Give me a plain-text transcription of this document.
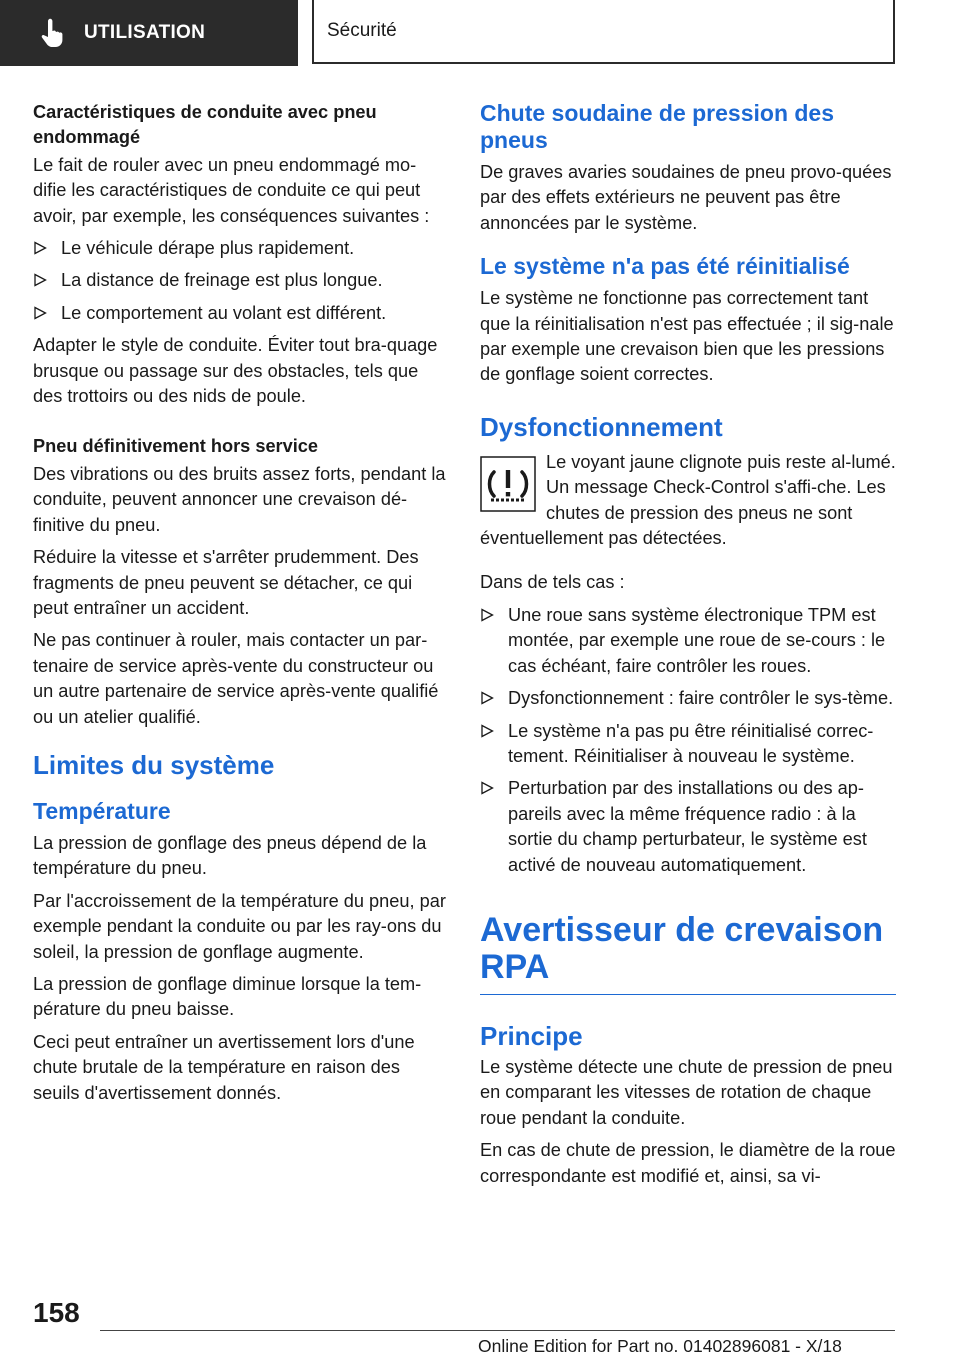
UTILISATION	Sécurité
Caractéristiques de conduite avec pneu endommagé

Le fait de rouler avec un pneu endommagé mo-difie les caractéristiques de conduite ce qui peut avoir, par exemple, les conséquences suivantes :

Le véhicule dérape plus rapidement.
La distance de freinage est plus longue.
Le comportement au volant est différent.

Adapter le style de conduite. Éviter tout bra-quage brusque ou passage sur des obstacles, tels que des trottoirs ou des nids de poule.

Pneu définitivement hors service

Des vibrations ou des bruits assez forts, pendant la conduite, peuvent annoncer une crevaison dé-finitive du pneu.

Réduire la vitesse et s'arrêter prudemment. Des fragments de pneu peuvent se détacher, ce qui peut entraîner un accident.

Ne pas continuer à rouler, mais contacter un par-tenaire de service après-vente du constructeur ou un autre partenaire de service après-vente qualifié ou un atelier qualifié.

Limites du système
Température

La pression de gonflage des pneus dépend de la température du pneu.

Par l'accroissement de la température du pneu, par exemple pendant la conduite ou par les ray-ons du soleil, la pression de gonflage augmente.

La pression de gonflage diminue lorsque la tem-pérature du pneu baisse.

Ceci peut entraîner un avertissement lors d'une chute brutale de la température en raison des seuils d'avertissement donnés.

Chute soudaine de pression des pneus

De graves avaries soudaines de pneu provo-quées par des effets extérieurs ne peuvent pas être annoncées par le système.

Le système n'a pas été réinitialisé

Le système ne fonctionne pas correctement tant que la réinitialisation n'est pas effectuée ; il sig-nale par exemple une crevaison bien que les pressions de gonflage soient correctes.

Dysfonctionnement

Le voyant jaune clignote puis reste al-lumé. Un message Check-Control s'affi-che. Les chutes de pression des pneus ne sont éventuellement pas détectées.

Dans de tels cas :

Une roue sans système électronique TPM est montée, par exemple une roue de se-cours : le cas échéant, faire contrôler les roues.
Dysfonctionnement : faire contrôler le sys-tème.
Le système n'a pas pu être réinitialisé correc-tement. Réinitialiser à nouveau le système.
Perturbation par des installations ou des ap-pareils avec la même fréquence radio : à la sortie du champ perturbateur, le système est activé de nouveau automatiquement.
Avertisseur de crevaison RPA
Principe

Le système détecte une chute de pression de pneu en comparant les vitesses de rotation de chaque roue pendant la conduite.

En cas de chute de pression, le diamètre de la roue correspondante est modifié et, ainsi, sa vi-

158
Online Edition for Part no. 01402896081 - X/18
